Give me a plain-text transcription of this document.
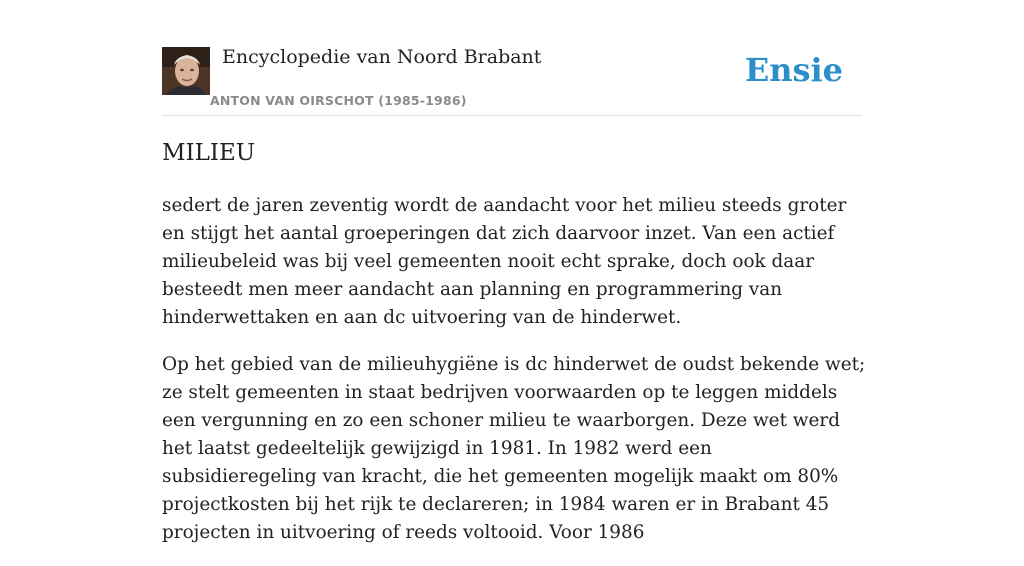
Encyclopedie van Noord Brabant
ANTON VAN OIRSCHOT (1985-1986)
Ensie
MILIEU

sedert de jaren zeventig wordt de aandacht voor het milieu steeds groter en stijgt het aantal groeperingen dat zich daarvoor inzet. Van een actief milieubeleid was bij veel gemeenten nooit echt sprake, doch ook daar besteedt men meer aandacht aan planning en programmering van hinderwettaken en aan dc uitvoering van de hinderwet.

Op het gebied van de milieuhygiëne is dc hinderwet de oudst bekende wet; ze stelt gemeenten in staat bedrijven voorwaarden op te leggen middels een vergunning en zo een schoner milieu te waarborgen. Deze wet werd het laatst gedeeltelijk gewijzigd in 1981. In 1982 werd een subsidieregeling van kracht, die het gemeenten mogelijk maakt om 80% projectkosten bij het rijk te declareren; in 1984 waren er in Brabant 45 projecten in uitvoering of reeds voltooid. Voor 1986
